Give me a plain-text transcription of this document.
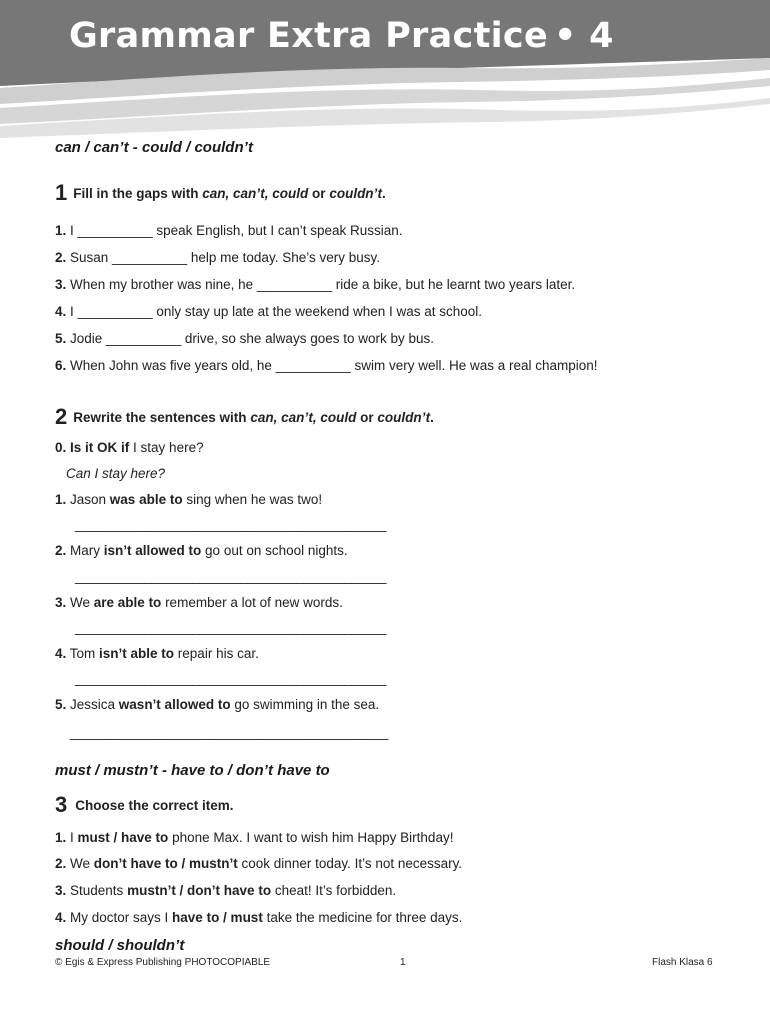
Grammar Extra Practice • 4
can / can’t - could / couldn’t
1 Fill in the gaps with can, can’t, could or couldn’t.
1. I __________ speak English, but I can’t speak Russian.
2. Susan __________ help me today. She’s very busy.
3. When my brother was nine, he __________ ride a bike, but he learnt two years later.
4. I __________ only stay up late at the weekend when I was at school.
5. Jodie __________ drive, so she always goes to work by bus.
6. When John was five years old, he __________ swim very well. He was a real champion!
2 Rewrite the sentences with can, can’t, could or couldn’t.
0. Is it OK if I stay here?
Can I stay here?
1. Jason was able to sing when he was two!
_____________________________________________
2. Mary isn’t allowed to go out on school nights.
_____________________________________________
3. We are able to remember a lot of new words.
_____________________________________________
4. Tom isn’t able to repair his car.
_____________________________________________
5. Jessica wasn’t allowed to go swimming in the sea.
______________________________________________
must / mustn’t - have to / don’t have to
3 Choose the correct item.
1. I must / have to phone Max. I want to wish him Happy Birthday!
2. We don’t have to / mustn’t cook dinner today. It’s not necessary.
3. Students mustn’t / don’t have to cheat! It’s forbidden.
4. My doctor says I have to / must take the medicine for three days.
should / shouldn’t
© Egis & Express Publishing PHOTOCOPIABLE	1	Flash Klasa 6
